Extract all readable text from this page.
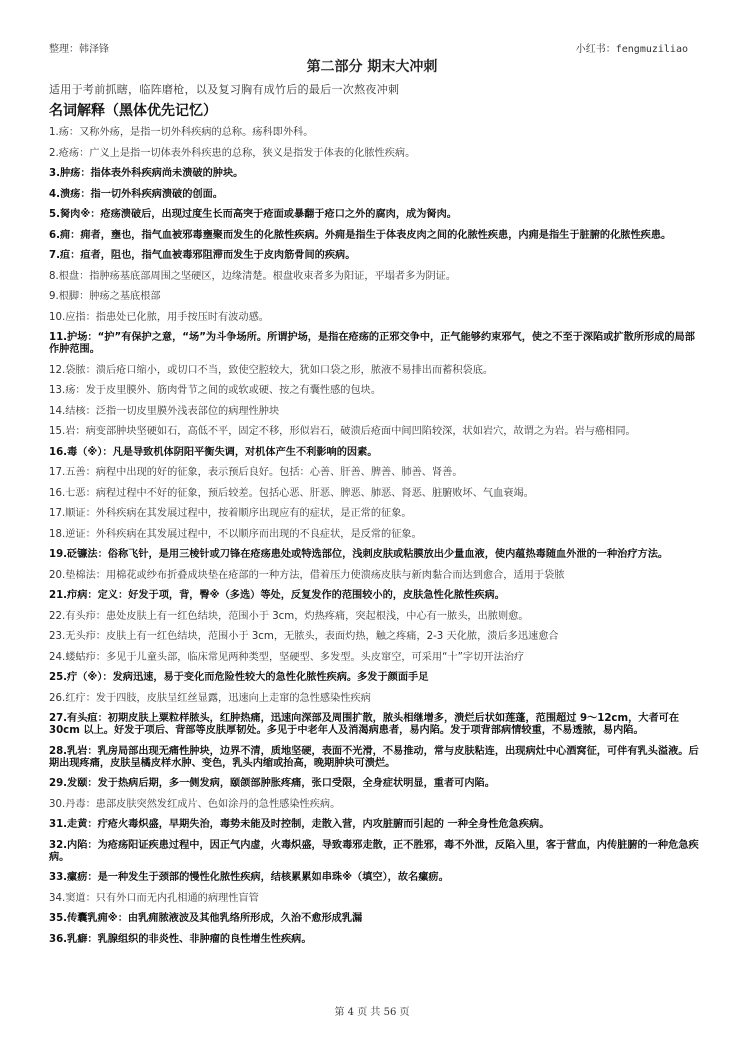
整理：韩泽锋	小红书：fengmuziliao
第二部分 期末大冲刺
适用于考前抓瞎，临阵磨枪，以及复习胸有成竹后的最后一次熬夜冲刺
名词解释（黑体优先记忆）

1.疡：又称外疡，是指一切外科疾病的总称。疡科即外科。

2.疮疡：广义上是指一切体表外科疾患的总称，狭义是指发于体表的化脓性疾病。

3.肿疡：指体表外科疾病尚未溃破的肿块。

4.溃疡：指一切外科疾病溃破的创面。

5.胬肉※：疮疡溃破后，出现过度生长而高突于疮面或暴翻于疮口之外的腐肉，成为胬肉。

6.痈：痈者，壅也，指气血被邪毒壅聚而发生的化脓性疾病。外痈是指生于体表皮肉之间的化脓性疾患，内痈是指生于脏腑的化脓性疾患。

7.疽：疽者，阻也，指气血被毒邪阻滞而发生于皮肉筋骨间的疾病。

8.根盘：指肿疡基底部周围之坚硬区，边缘清楚。根盘收束者多为阳证，平塌者多为阴证。

9.根脚：肿疡之基底根部

10.应指：指患处已化脓，用手按压时有波动感。

11.护场：“护”有保护之意，“场”为斗争场所。所谓护场，是指在疮疡的正邪交争中，正气能够约束邪气，使之不至于深陷或扩散所形成的局部作肿范围。

12.袋脓：溃后疮口缩小，或切口不当，致使空腔较大，犹如口袋之形，脓液不易排出而蓄积袋底。

13.疡：发于皮里膜外、筋肉骨节之间的或软或硬、按之有囊性感的包块。

14.结核：泛指一切皮里膜外浅表部位的病理性肿块

15.岩：病变部肿块坚硬如石，高低不平，固定不移，形似岩石，破溃后疮面中间凹陷较深，状如岩穴，故谓之为岩。岩与癌相同。

16.毒（※）：凡是导致机体阴阳平衡失调，对机体产生不利影响的因素。

17.五善：病程中出现的好的征象，表示预后良好。包括：心善、肝善、脾善、肺善、肾善。

16.七恶：病程过程中不好的征象，预后较差。包括心恶、肝恶、脾恶、肺恶、肾恶、脏腑败坏、气血衰竭。

17.顺证：外科疾病在其发展过程中，按着顺序出现应有的症状，是正常的征象。

18.逆证：外科疾病在其发展过程中，不以顺序而出现的不良症状，是反常的征象。

19.砭镰法：俗称飞针，是用三棱针或刀锋在疮疡患处或特选部位，浅刺皮肤或粘膜放出少量血液，使内蕴热毒随血外泄的一种治疗方法。

20.垫棉法：用棉花或纱布折叠成块垫在疮部的一种方法，借着压力使溃疡皮肤与新肉黏合而达到愈合，适用于袋脓

21.疖病：定义：好发于项，背，臀※（多选）等处，反复发作的范围较小的，皮肤急性化脓性疾病。

22.有头疖：患处皮肤上有一红色结块，范围小于 3cm，灼热疼痛，突起根浅，中心有一脓头，出脓则愈。

23.无头疖：皮肤上有一红色结块，范围小于 3cm，无脓头，表面灼热，触之疼痛，2-3 天化脓，溃后多迅速愈合

24.蝼蛄疖：多见于儿童头部，临床常见两种类型，坚硬型、多发型。头皮窜空，可采用“十”字切开法治疗

25.疔（※）：发病迅速，易于变化而危险性较大的急性化脓性疾病。多发于颜面手足

26.红疔：发于四肢，皮肤呈红丝显露，迅速向上走窜的急性感染性疾病

27.有头疽：初期皮肤上粟粒样脓头，红肿热痛，迅速向深部及周围扩散，脓头相继增多，溃烂后状如莲蓬，范围超过 9～12cm，大者可在 30cm 以上。好发于项后、背部等皮肤厚韧处。多见于中老年人及消渴病患者，易内陷。发于项背部病情较重，不易透脓，易内陷。

28.乳岩：乳房局部出现无痛性肿块，边界不清，质地坚硬，表面不光滑，不易推动，常与皮肤粘连，出现病灶中心酒窝征，可伴有乳头溢液。后期出现疼痛，皮肤呈橘皮样水肿、变色，乳头内缩或抬高，晚期肿块可溃烂。

29.发颐：发于热病后期，多一侧发病，颐颌部肿胀疼痛，张口受限，全身症状明显，重者可内陷。

30.丹毒：患部皮肤突然发红成片、色如涂丹的急性感染性疾病。

31.走黄：疔疮火毒炽盛，早期失治，毒势未能及时控制，走散入营，内攻脏腑而引起的 一种全身性危急疾病。

32.内陷：为疮疡阳证疾患过程中，因正气内虚，火毒炽盛，导致毒邪走散，正不胜邪，毒不外泄，反陷入里，客于营血，内传脏腑的一种危急疾病。

33.瘰疬：是一种发生于颈部的慢性化脓性疾病，结核累累如串珠※（填空），故名瘰疬。

34.窦道：只有外口而无内孔相通的病理性盲管

35.传囊乳痈※：由乳痈脓液波及其他乳络所形成，久治不愈形成乳漏

36.乳癖：乳腺组织的非炎性、非肿瘤的良性增生性疾病。

第 4 页 共 56 页
